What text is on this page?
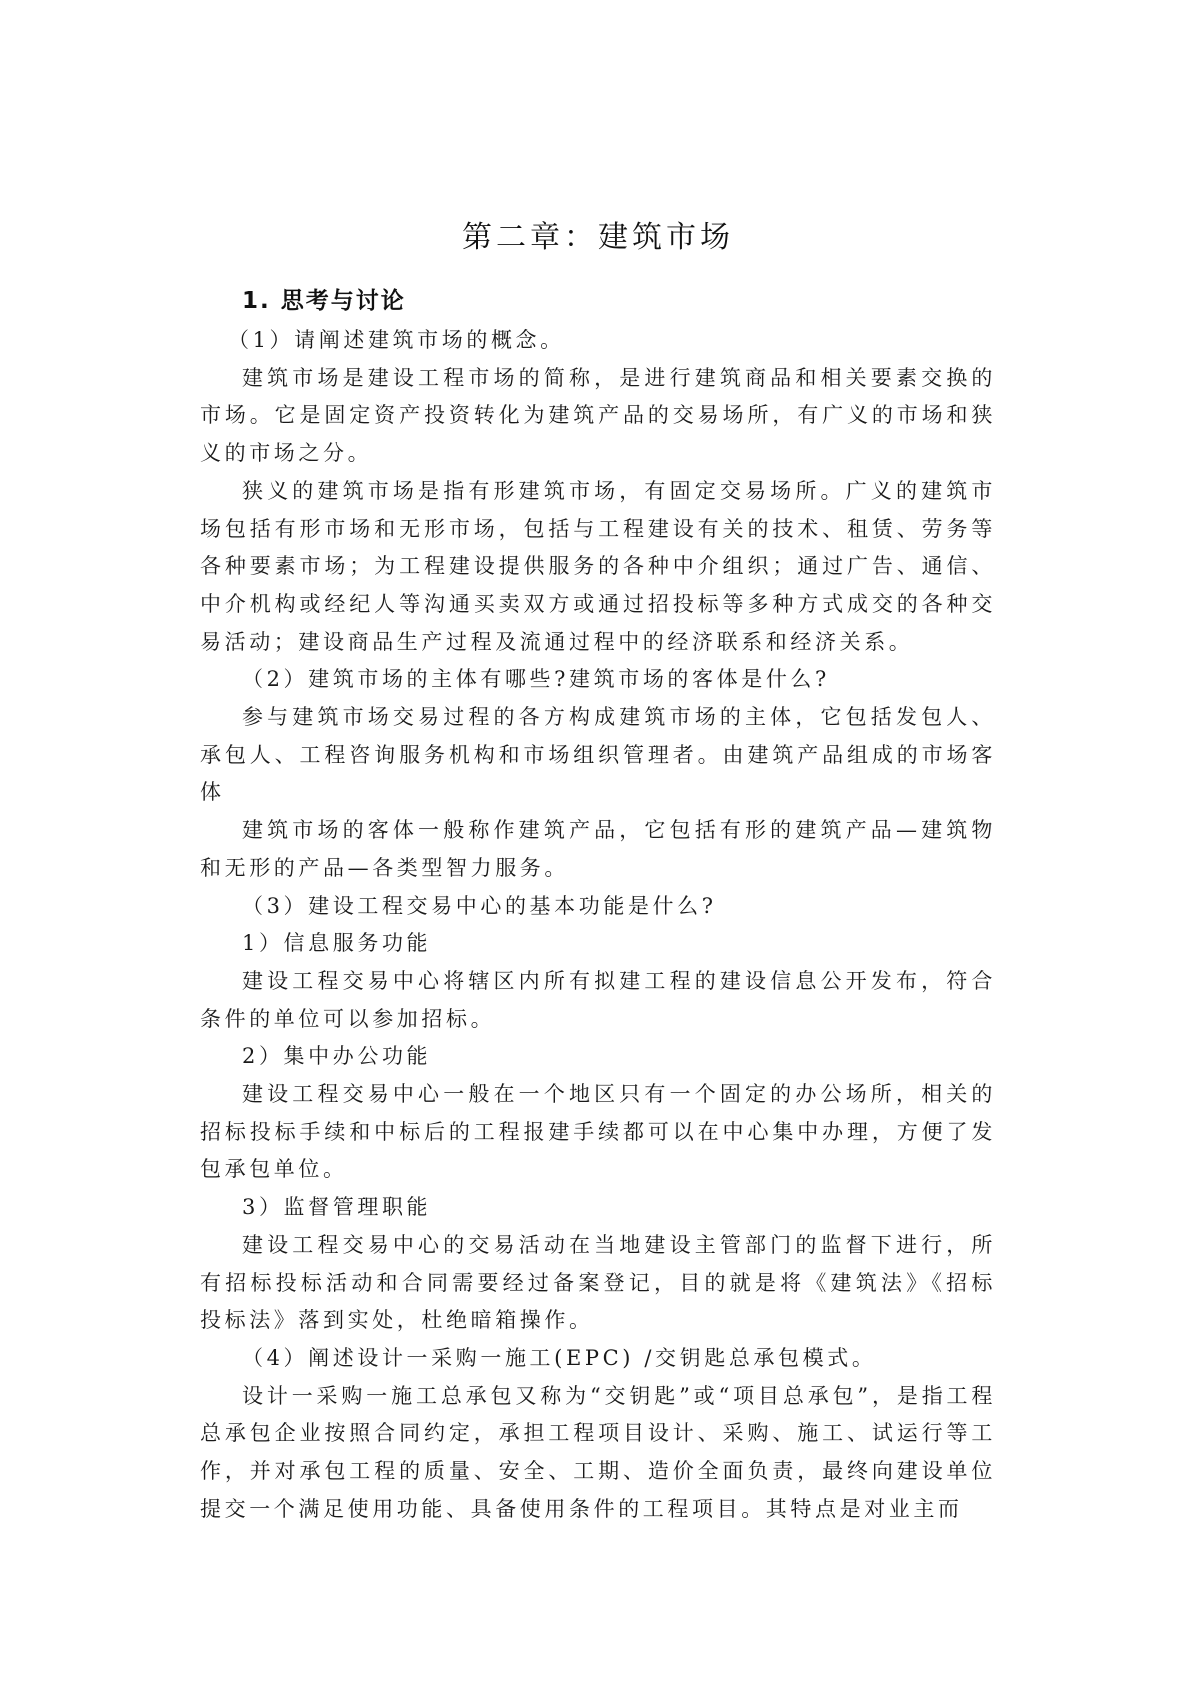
第二章：建筑市场
1. 思考与讨论

（1）请阐述建筑市场的概念。

建筑市场是建设工程市场的简称，是进行建筑商品和相关要素交换的市场。它是固定资产投资转化为建筑产品的交易场所，有广义的市场和狭义的市场之分。

狭义的建筑市场是指有形建筑市场，有固定交易场所。广义的建筑市场包括有形市场和无形市场，包括与工程建设有关的技术、租赁、劳务等各种要素市场；为工程建设提供服务的各种中介组织；通过广告、通信、中介机构或经纪人等沟通买卖双方或通过招投标等多种方式成交的各种交易活动；建设商品生产过程及流通过程中的经济联系和经济关系。

（2）建筑市场的主体有哪些?建筑市场的客体是什么?

参与建筑市场交易过程的各方构成建筑市场的主体，它包括发包人、承包人、工程咨询服务机构和市场组织管理者。由建筑产品组成的市场客体

建筑市场的客体一般称作建筑产品，它包括有形的建筑产品—建筑物和无形的产品—各类型智力服务。

（3）建设工程交易中心的基本功能是什么?

1）信息服务功能

建设工程交易中心将辖区内所有拟建工程的建设信息公开发布，符合条件的单位可以参加招标。

2）集中办公功能

建设工程交易中心一般在一个地区只有一个固定的办公场所，相关的招标投标手续和中标后的工程报建手续都可以在中心集中办理，方便了发包承包单位。

3）监督管理职能

建设工程交易中心的交易活动在当地建设主管部门的监督下进行，所有招标投标活动和合同需要经过备案登记，目的就是将《建筑法》《招标投标法》落到实处，杜绝暗箱操作。

（4）阐述设计一采购一施工(EPC) /交钥匙总承包模式。

设计一采购一施工总承包又称为“交钥匙”或“项目总承包”，是指工程总承包企业按照合同约定，承担工程项目设计、采购、施工、试运行等工作，并对承包工程的质量、安全、工期、造价全面负责，最终向建设单位提交一个满足使用功能、具备使用条件的工程项目。其特点是对业主而
